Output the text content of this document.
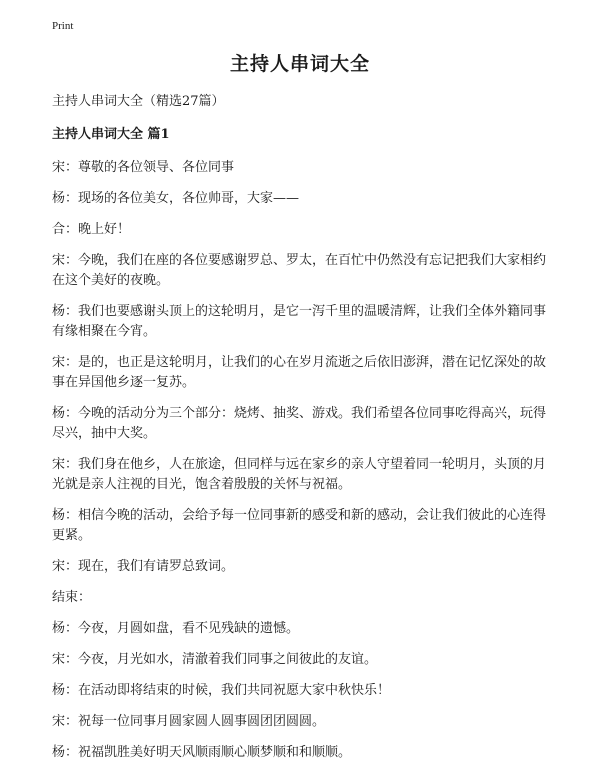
Print
主持人串词大全
主持人串词大全（精选27篇）
主持人串词大全 篇1
宋：尊敬的各位领导、各位同事
杨：现场的各位美女，各位帅哥，大家——
合：晚上好！
宋：今晚，我们在座的各位要感谢罗总、罗太，在百忙中仍然没有忘记把我们大家相约在这个美好的夜晚。
杨：我们也要感谢头顶上的这轮明月，是它一泻千里的温暖清辉，让我们全体外籍同事有缘相聚在今宵。
宋：是的，也正是这轮明月，让我们的心在岁月流逝之后依旧澎湃，潜在记忆深处的故事在异国他乡逐一复苏。
杨：今晚的活动分为三个部分：烧烤、抽奖、游戏。我们希望各位同事吃得高兴，玩得尽兴，抽中大奖。
宋：我们身在他乡，人在旅途，但同样与远在家乡的亲人守望着同一轮明月，头顶的月光就是亲人注视的目光，饱含着殷殷的关怀与祝福。
杨：相信今晚的活动，会给予每一位同事新的感受和新的感动，会让我们彼此的心连得更紧。
宋：现在，我们有请罗总致词。
结束：
杨：今夜，月圆如盘，看不见残缺的遗憾。
宋：今夜，月光如水，清澈着我们同事之间彼此的友谊。
杨：在活动即将结束的时候，我们共同祝愿大家中秋快乐！
宋：祝每一位同事月圆家圆人圆事圆团团圆圆。
杨：祝福凯胜美好明天风顺雨顺心顺梦顺和和顺顺。
